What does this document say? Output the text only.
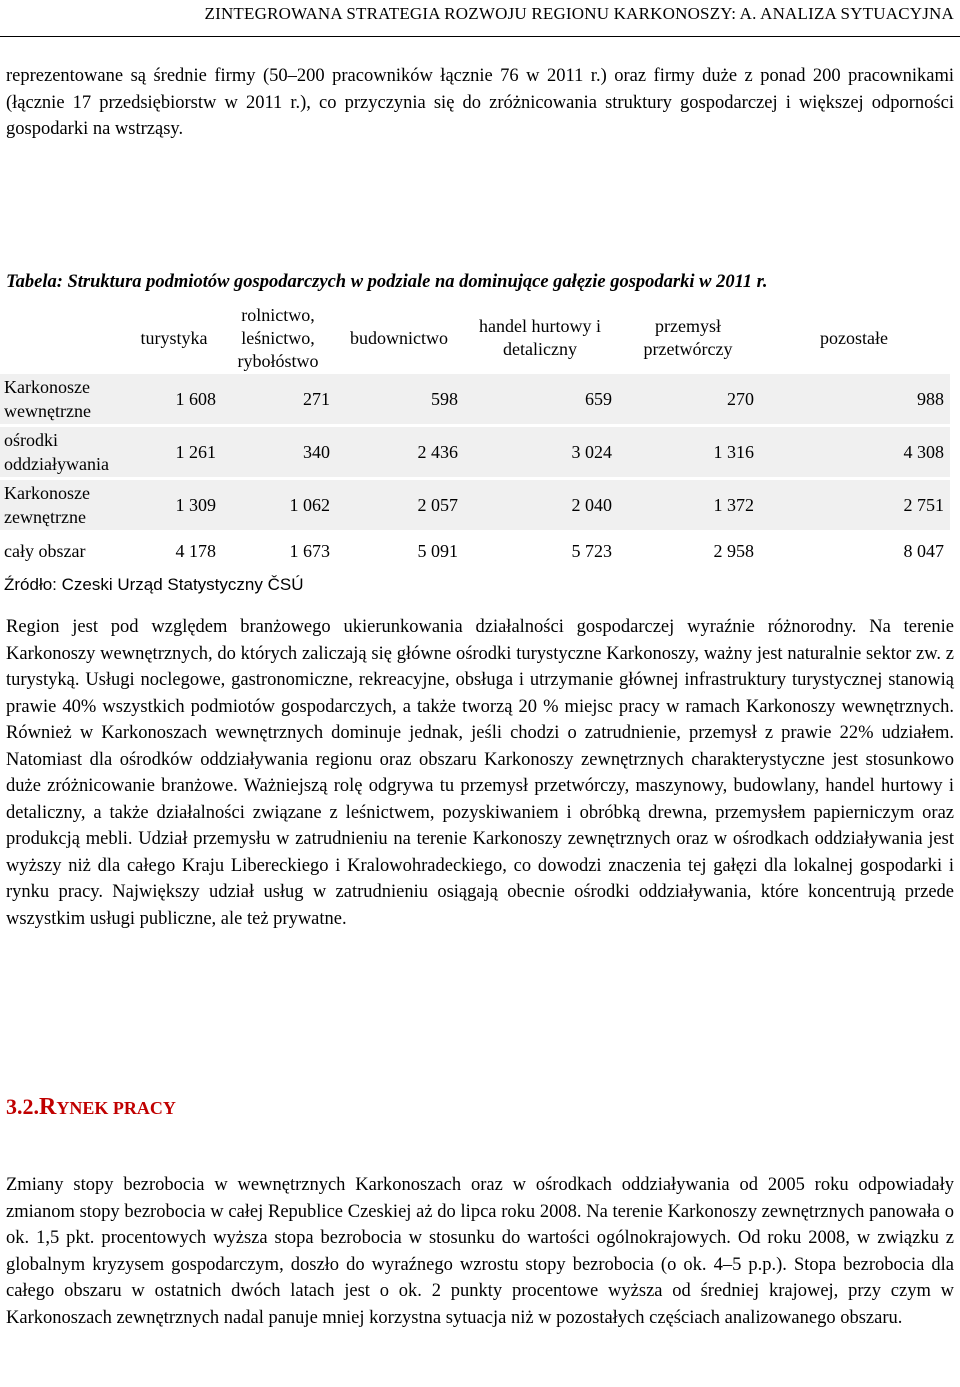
ZINTEGROWANA STRATEGIA ROZWOJU REGIONU KARKONOSZY: A. ANALIZA SYTUACYJNA
reprezentowane są średnie firmy (50–200 pracowników łącznie 76 w 2011 r.) oraz firmy duże z ponad 200 pracownikami (łącznie 17 przedsiębiorstw w 2011 r.), co przyczynia się do zróżnicowania struktury gospodarczej i większej odporności gospodarki na wstrząsy.
Tabela: Struktura podmiotów gospodarczych w podziale na dominujące gałęzie gospodarki w 2011 r.
	turystyka	rolnictwo, leśnictwo, rybołóstwo	budownictwo	handel hurtowy i detaliczny	przemysł przetwórczy	pozostałe
Karkonosze wewnętrzne	1 608	271	598	659	270	988
ośrodki oddziaływania	1 261	340	2 436	3 024	1 316	4 308
Karkonosze zewnętrzne	1 309	1 062	2 057	2 040	1 372	2 751
cały obszar	4 178	1 673	5 091	5 723	2 958	8 047
Źródło: Czeski Urząd Statystyczny ČSÚ						
Region jest pod względem branżowego ukierunkowania działalności gospodarczej wyraźnie różnorodny. Na terenie Karkonoszy wewnętrznych, do których zaliczają się główne ośrodki turystyczne Karkonoszy, ważny jest naturalnie sektor zw. z turystyką. Usługi noclegowe, gastronomiczne, rekreacyjne, obsługa i utrzymanie głównej infrastruktury turystycznej stanowią prawie 40% wszystkich podmiotów gospodarczych, a także tworzą 20 % miejsc pracy w ramach Karkonoszy wewnętrznych. Również w Karkonoszach wewnętrznych dominuje jednak, jeśli chodzi o zatrudnienie, przemysł z prawie 22% udziałem. Natomiast dla ośrodków oddziaływania regionu oraz obszaru Karkonoszy zewnętrznych charakterystyczne jest stosunkowo duże zróżnicowanie branżowe. Ważniejszą rolę odgrywa tu przemysł przetwórczy, maszynowy, budowlany, handel hurtowy i detaliczny, a także działalności związane z leśnictwem, pozyskiwaniem i obróbką drewna, przemysłem papierniczym oraz produkcją mebli. Udział przemysłu w zatrudnieniu na terenie Karkonoszy zewnętrznych oraz w ośrodkach oddziaływania jest wyższy niż dla całego Kraju Libereckiego i Kralowohradeckiego, co dowodzi znaczenia tej gałęzi dla lokalnej gospodarki i rynku pracy. Największy udział usług w zatrudnieniu osiągają obecnie ośrodki oddziaływania, które koncentrują przede wszystkim usługi publiczne, ale też prywatne.
3.2.RYNEK PRACY
Zmiany stopy bezrobocia w wewnętrznych Karkonoszach oraz w ośrodkach oddziaływania od 2005 roku odpowiadały zmianom stopy bezrobocia w całej Republice Czeskiej aż do lipca roku 2008. Na terenie Karkonoszy zewnętrznych panowała o ok. 1,5 pkt. procentowych wyższa stopa bezrobocia w stosunku do wartości ogólnokrajowych. Od roku 2008, w związku z globalnym kryzysem gospodarczym, doszło do wyraźnego wzrostu stopy bezrobocia (o ok. 4–5 p.p.). Stopa bezrobocia dla całego obszaru w ostatnich dwóch latach jest o ok. 2 punkty procentowe wyższa od średniej krajowej, przy czym w Karkonoszach zewnętrznych nadal panuje mniej korzystna sytuacja niż w pozostałych częściach analizowanego obszaru.
